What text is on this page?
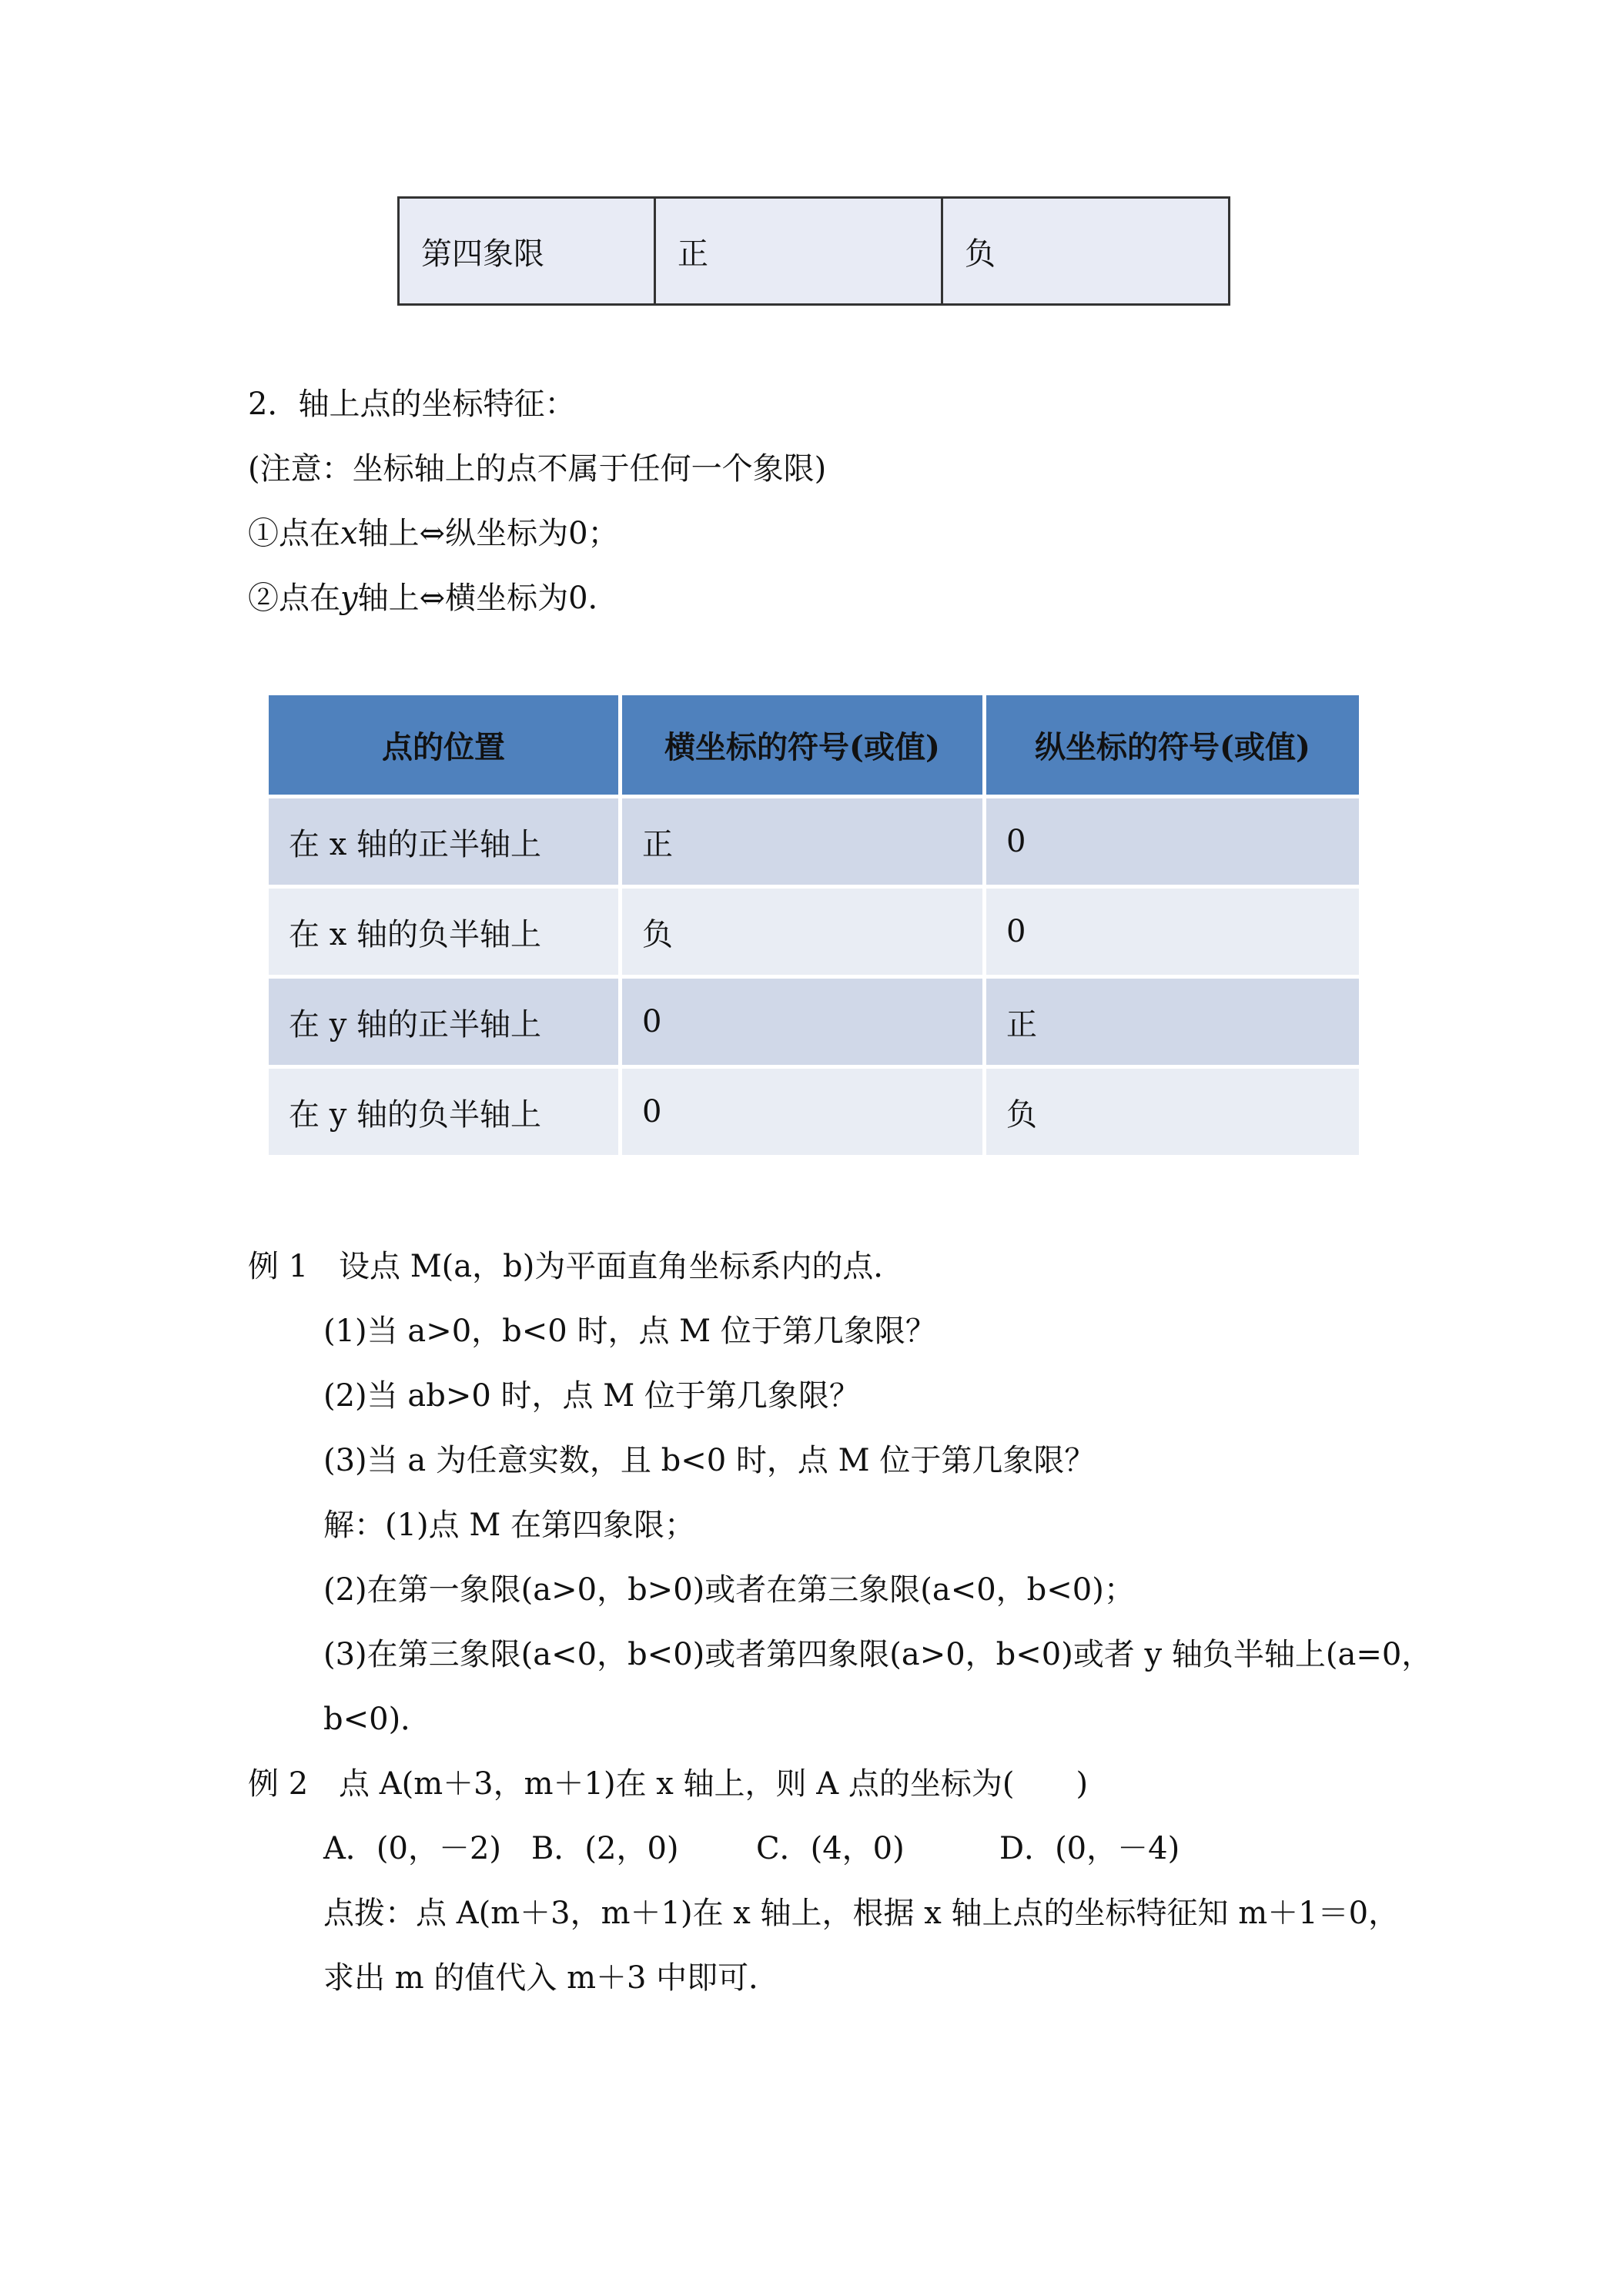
第四象限	正	负
2．轴上点的坐标特征：
(注意：坐标轴上的点不属于任何一个象限)
①点在x轴上⇔纵坐标为0；
②点在y轴上⇔横坐标为0．
点的位置	横坐标的符号(或值)	纵坐标的符号(或值)
在 x 轴的正半轴上	正	0
在 x 轴的负半轴上	负	0
在 y 轴的正半轴上	0	正
在 y 轴的负半轴上	0	负
例 1 设点 M(a，b)为平面直角坐标系内的点．
(1)当 a>0，b<0 时，点 M 位于第几象限？
(2)当 ab>0 时，点 M 位于第几象限？
(3)当 a 为任意实数，且 b<0 时，点 M 位于第几象限？
解：(1)点 M 在第四象限；
(2)在第一象限(a>0，b>0)或者在第三象限(a<0，b<0)；
(3)在第三象限(a<0，b<0)或者第四象限(a>0，b<0)或者 y 轴负半轴上(a=0，
b<0)．
例 2 点 A(m＋3，m＋1)在 x 轴上，则 A 点的坐标为(　　)
A．(0，－2) B．(2，0)	C．(4，0)	D．(0，－4)
点拨：点 A(m＋3，m＋1)在 x 轴上，根据 x 轴上点的坐标特征知 m＋1＝0，
求出 m 的值代入 m＋3 中即可．
